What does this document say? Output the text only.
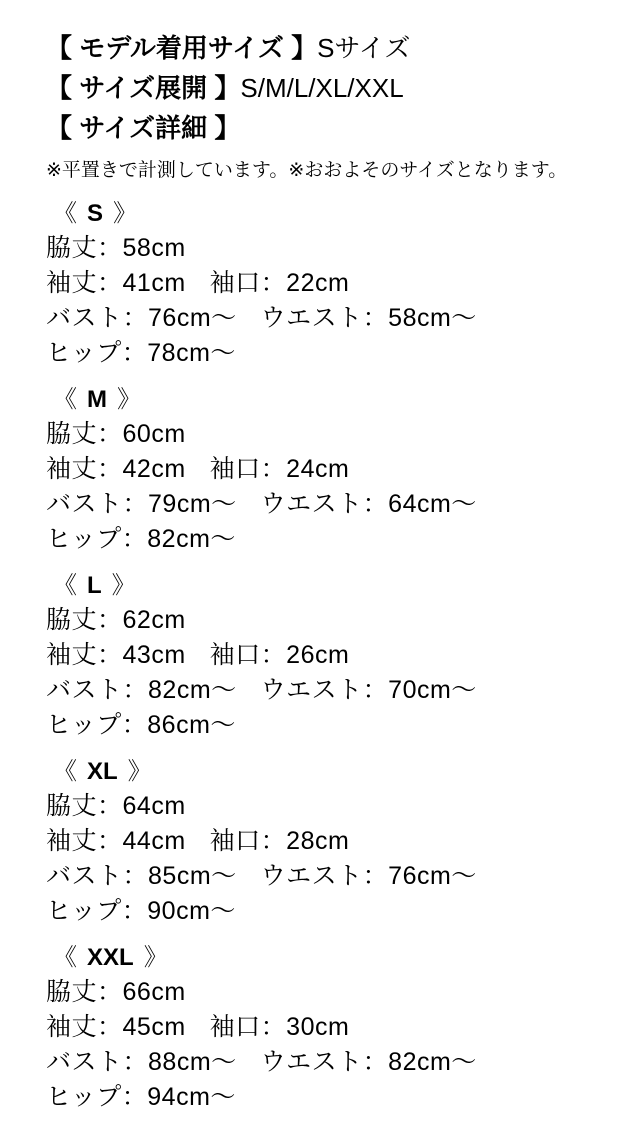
【 モデル着用サイズ 】Sサイズ
【 サイズ展開 】S/M/L/XL/XXL
【 サイズ詳細 】
※平置きで計測しています。※おおよそのサイズとなります。
《 S 》
脇丈：58cm
袖丈：41cm 袖口：22cm
バスト：76cm～ ウエスト：58cm～
ヒップ：78cm～
《 M 》
脇丈：60cm
袖丈：42cm 袖口：24cm
バスト：79cm～ ウエスト：64cm～
ヒップ：82cm～
《 L 》
脇丈：62cm
袖丈：43cm 袖口：26cm
バスト：82cm～ ウエスト：70cm～
ヒップ：86cm～
《 XL 》
脇丈：64cm
袖丈：44cm 袖口：28cm
バスト：85cm～ ウエスト：76cm～
ヒップ：90cm～
《 XXL 》
脇丈：66cm
袖丈：45cm 袖口：30cm
バスト：88cm～ ウエスト：82cm～
ヒップ：94cm～
